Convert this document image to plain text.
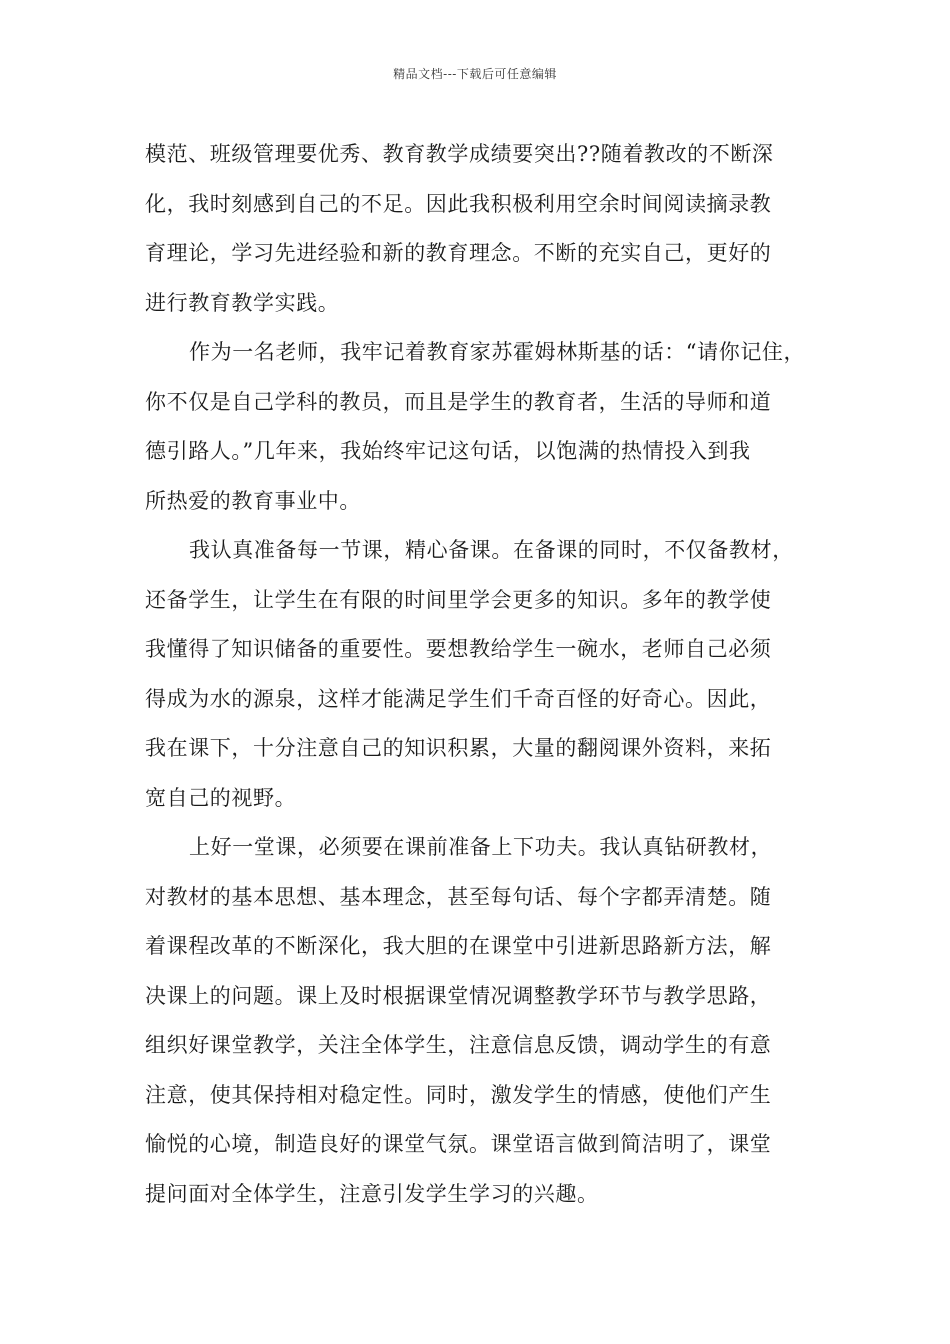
精品文档---下载后可任意编辑
模范、班级管理要优秀、教育教学成绩要突出??随着教改的不断深
化，我时刻感到自己的不足。因此我积极利用空余时间阅读摘录教
育理论，学习先进经验和新的教育理念。不断的充实自己，更好的
进行教育教学实践。
作为一名老师，我牢记着教育家苏霍姆林斯基的话：“请你记住，
你不仅是自己学科的教员，而且是学生的教育者，生活的导师和道
德引路人。”几年来，我始终牢记这句话，以饱满的热情投入到我
所热爱的教育事业中。
我认真准备每一节课，精心备课。在备课的同时，不仅备教材，
还备学生，让学生在有限的时间里学会更多的知识。多年的教学使
我懂得了知识储备的重要性。要想教给学生一碗水，老师自己必须
得成为水的源泉，这样才能满足学生们千奇百怪的好奇心。因此，
我在课下，十分注意自己的知识积累，大量的翻阅课外资料，来拓
宽自己的视野。
上好一堂课，必须要在课前准备上下功夫。我认真钻研教材，
对教材的基本思想、基本理念，甚至每句话、每个字都弄清楚。随
着课程改革的不断深化，我大胆的在课堂中引进新思路新方法，解
决课上的问题。课上及时根据课堂情况调整教学环节与教学思路，
组织好课堂教学，关注全体学生，注意信息反馈，调动学生的有意
注意，使其保持相对稳定性。同时，激发学生的情感，使他们产生
愉悦的心境，制造良好的课堂气氛。课堂语言做到简洁明了，课堂
提问面对全体学生，注意引发学生学习的兴趣。
